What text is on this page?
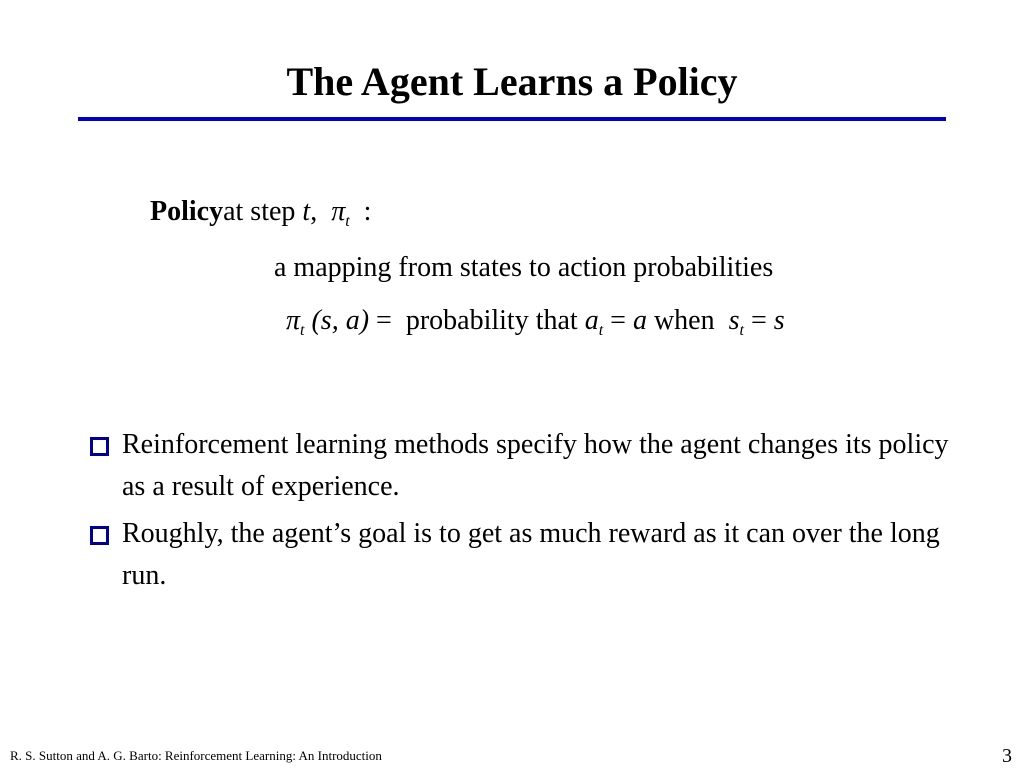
The Agent Learns a Policy
Policyat step t, $\pi_t$ :
a mapping from states to action probabilities
$\pi_t$ (s, a) = probability that $a_t = a$ when $s_t = s$
Reinforcement learning methods specify how the agent changes its policy as a result of experience.
Roughly, the agent’s goal is to get as much reward as it can over the long run.
R. S. Sutton and A. G. Barto: Reinforcement Learning: An Introduction	3
